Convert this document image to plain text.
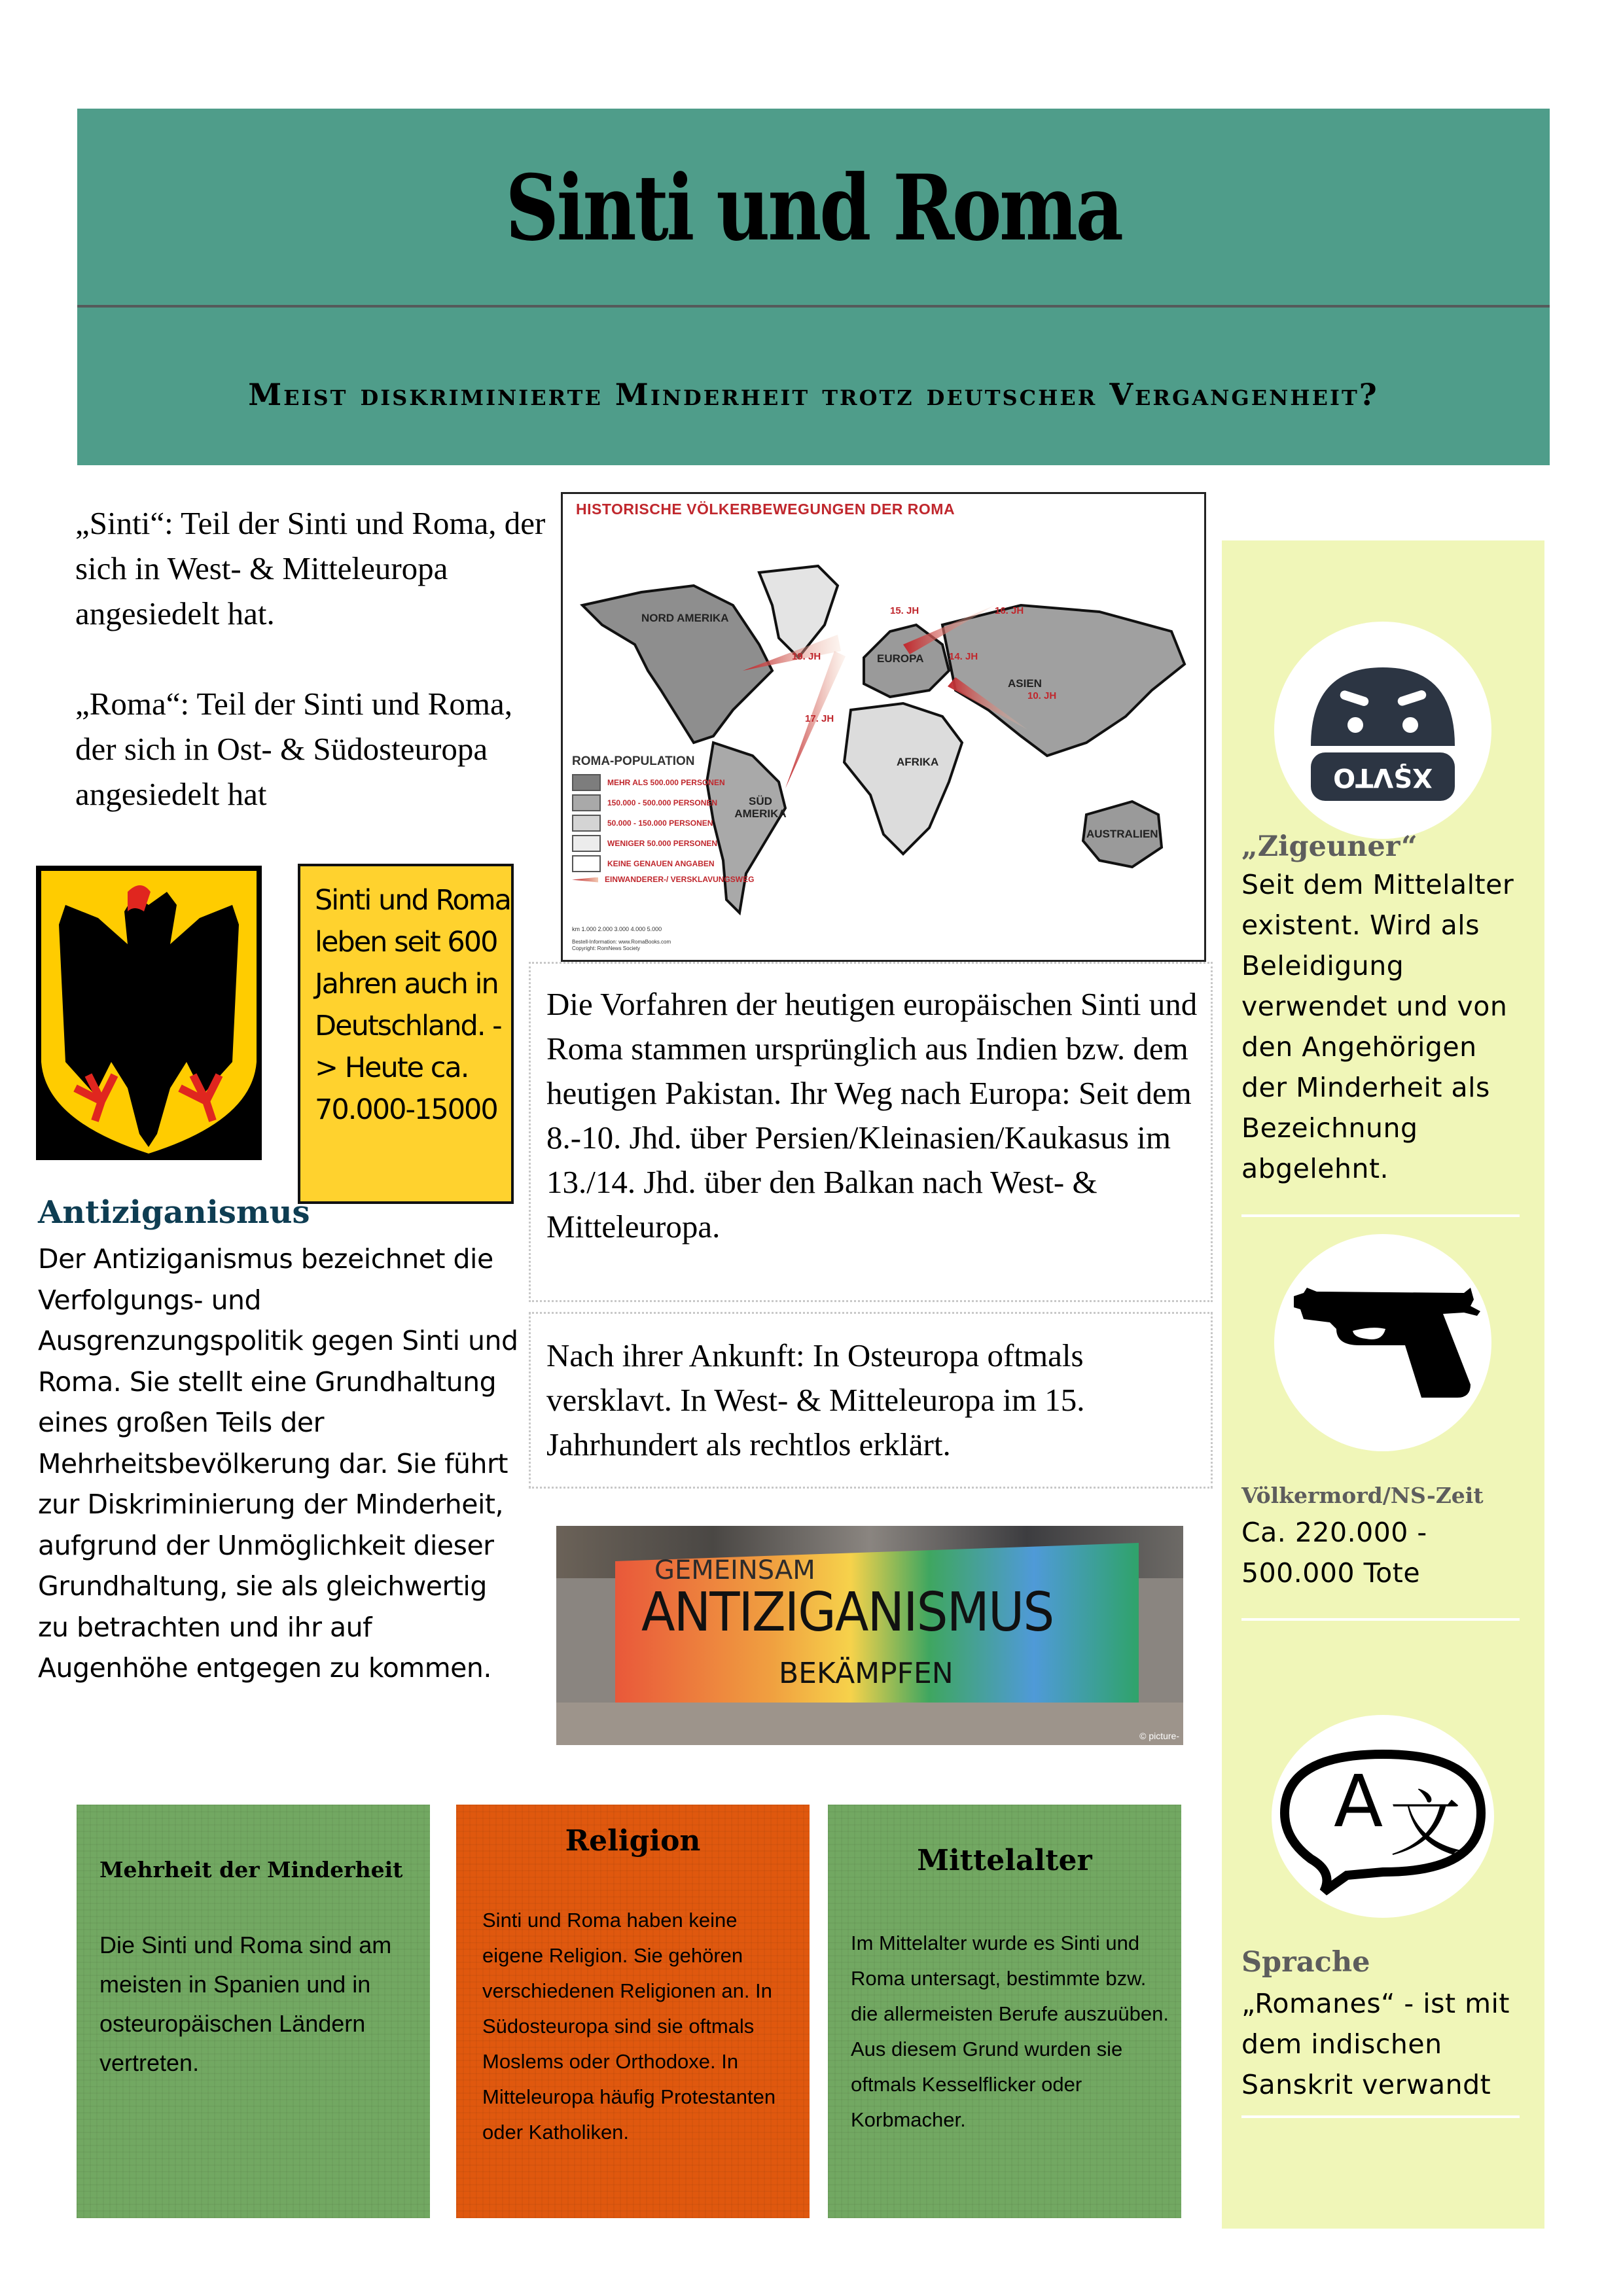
Sinti und Roma
Meist diskriminierte Minderheit trotz deutscher Vergangenheit?

„Sinti“: Teil der Sinti und Roma, der sich in West- & Mitteleuropa angesiedelt hat.

„Roma“: Teil der Sinti und Roma, der sich in Ost- & Südosteuropa angesiedelt hat

HISTORISCHE VÖLKERBEWEGUNGEN DER ROMA
NORD AMERIKA
SÜD AMERIKA
EUROPA
AFRIKA
ASIEN
AUSTRALIEN
15. JH	16. JH
19. JH	14. JH
10. JH
17. JH
ROMA-POPULATION
MEHR ALS 500.000 PERSONEN
150.000 - 500.000 PERSONEN
50.000 - 150.000 PERSONEN
WENIGER 50.000 PERSONEN
KEINE GENAUEN ANGABEN
EINWANDERER-/ VERSKLAVUNGSWEG
km 1.000 2.000 3.000 4.000 5.000
Bestell-Information: www.RomaBooks.com
Copyright: RomNews Society
Sinti und Roma leben seit 600 Jahren auch in Deutschland. -> Heute ca. 70.000-15000
Antiziganismus
Der Antiziganismus bezeichnet die Verfolgungs- und Ausgrenzungspolitik gegen Sinti und Roma. Sie stellt eine Grundhaltung eines großen Teils der Mehrheitsbevölkerung dar. Sie führt zur Diskriminierung der Minderheit, aufgrund der Unmöglichkeit dieser Grundhaltung, sie als gleichwertig zu betrachten und ihr auf Augenhöhe entgegen zu kommen.
Die Vorfahren der heutigen europäischen Sinti und Roma stammen ursprünglich aus Indien bzw. dem heutigen Pakistan. Ihr Weg nach Europa: Seit dem 8.-10. Jhd. über Persien/Kleinasien/Kaukasus im 13./14. Jhd. über den Balkan nach West- & Mitteleuropa.
Nach ihrer Ankunft: In Osteuropa oftmals versklavt. In West- & Mitteleuropa im 15. Jahrhundert als rechtlos erklärt.
GEMEINSAM
ANTIZIGANISMUS
BEKÄMPFEN
© picture-
XŞVTO
„Zigeuner“
Seit dem Mittelalter existent. Wird als Beleidigung verwendet und von den Angehörigen der Minderheit als Bezeichnung abgelehnt.
Völkermord/NS-Zeit
Ca. 220.000 - 500.000 Tote
A 文
Sprache
„Romanes“ - ist mit dem indischen Sanskrit verwandt
Mehrheit der Minderheit
Die Sinti und Roma sind am meisten in Spanien und in osteuropäischen Ländern vertreten.
Religion
Sinti und Roma haben keine eigene Religion. Sie gehören verschiedenen Religionen an. In Südosteuropa sind sie oftmals Moslems oder Orthodoxe. In Mitteleuropa häufig Protestanten oder Katholiken.
Mittelalter
Im Mittelalter wurde es Sinti und Roma untersagt, bestimmte bzw. die allermeisten Berufe auszuüben. Aus diesem Grund wurden sie oftmals Kesselflicker oder Korbmacher.
